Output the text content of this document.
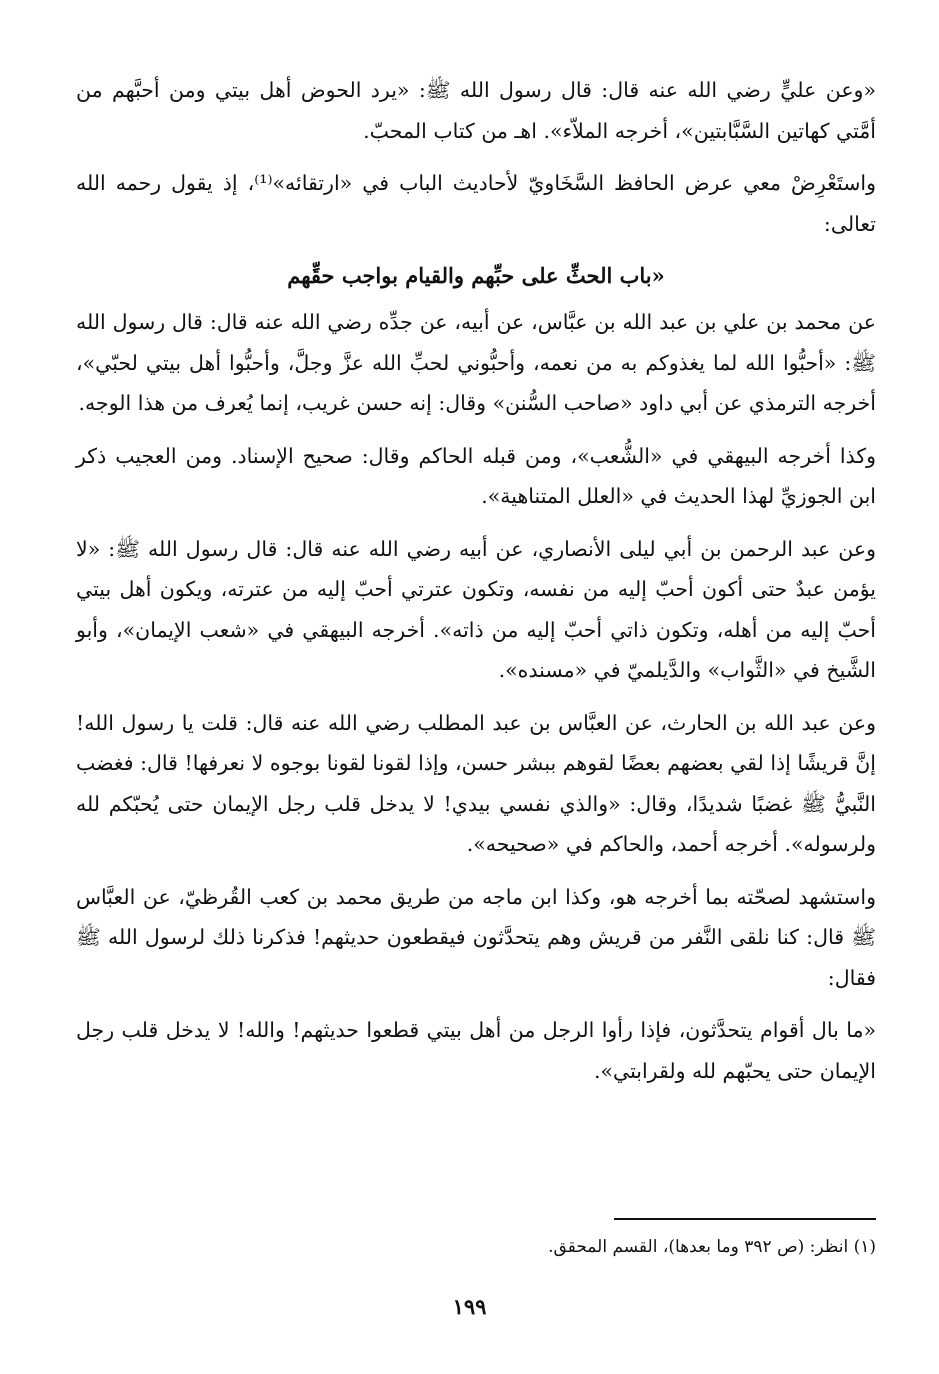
«وعن عليٍّ رضي الله عنه قال: قال رسول الله ﷺ: «يرد الحوض أهل بيتي ومن أحبَّهم من أمَّتي كهاتين السَّبَّابتين»، أخرجه الملاّء». اهـ من كتاب المحبّ.

واستَعْرِضْ معي عرض الحافظ السَّخَاويّ لأحاديث الباب في «ارتقائه»⁽¹⁾، إذ يقول رحمه الله تعالى:

«باب الحثِّ على حبِّهم والقيام بواجب حقِّهم

عن محمد بن علي بن عبد الله بن عبَّاس، عن أبيه، عن جدِّه رضي الله عنه قال: قال رسول الله ﷺ: «أحبُّوا الله لما يغذوكم به من نعمه، وأحبُّوني لحبِّ الله عزَّ وجلَّ، وأحبُّوا أهل بيتي لحبّي»، أخرجه الترمذي عن أبي داود «صاحب السُّنن» وقال: إنه حسن غريب، إنما يُعرف من هذا الوجه.

وكذا أخرجه البيهقي في «الشُّعب»، ومن قبله الحاكم وقال: صحيح الإسناد. ومن العجيب ذكر ابن الجوزيِّ لهذا الحديث في «العلل المتناهية».

وعن عبد الرحمن بن أبي ليلى الأنصاري، عن أبيه رضي الله عنه قال: قال رسول الله ﷺ: «لا يؤمن عبدٌ حتى أكون أحبّ إليه من نفسه، وتكون عترتي أحبّ إليه من عترته، ويكون أهل بيتي أحبّ إليه من أهله، وتكون ذاتي أحبّ إليه من ذاته». أخرجه البيهقي في «شعب الإيمان»، وأبو الشَّيخ في «الثَّواب» والدَّيلميّ في «مسنده».

وعن عبد الله بن الحارث، عن العبَّاس بن عبد المطلب رضي الله عنه قال: قلت يا رسول الله! إنَّ قريشًا إذا لقي بعضهم بعضًا لقوهم ببشر حسن، وإذا لقونا لقونا بوجوه لا نعرفها! قال: فغضب النَّبيُّ ﷺ غضبًا شديدًا، وقال: «والذي نفسي بيدي! لا يدخل قلب رجل الإيمان حتى يُحبّكم لله ولرسوله». أخرجه أحمد، والحاكم في «صحيحه».

واستشهد لصحّته بما أخرجه هو، وكذا ابن ماجه من طريق محمد بن كعب القُرظيّ، عن العبَّاس ﷺ قال: كنا نلقى النَّفر من قريش وهم يتحدَّثون فيقطعون حديثهم! فذكرنا ذلك لرسول الله ﷺ فقال:

«ما بال أقوام يتحدَّثون، فإذا رأوا الرجل من أهل بيتي قطعوا حديثهم! والله! لا يدخل قلب رجل الإيمان حتى يحبّهم لله ولقرابتي».

(١) انظر: (ص ٣٩٢ وما بعدها)، القسم المحقق.
١٩٩
